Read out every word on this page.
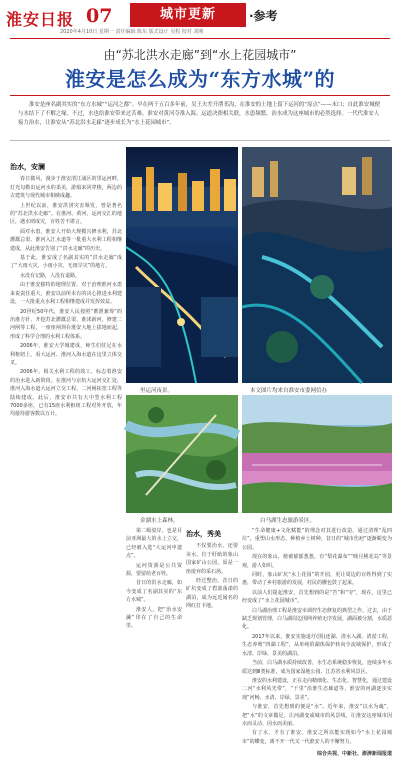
淮安日报 07	城市更新	·参考
2020年4月10日 星期一 责任编辑 陈东 版式设计 吴程 校对 刘刚
由“苏北洪水走廊”到“水上花园城市”
淮安是怎么成为“东方水城”的
淮安是座名副其实的“东方水城”“运河之都”。早在两千五百多年前，吴王夫差开凿邗沟，在淮安的土地上留下运河的“原点”——末口；自此淮安城便与水结下了不解之缘。不过，水也给淮安带来过苦难。淮安对黄河夺淮入海、运道决溃相关联，水患频繁，治水成为这座城市的必然选择。一代代淮安人接力治水，让淮安从“苏北洪水走廊”逐步成长为“水上花园城市”。
治水，安澜

春日微风，漫步于淮安清江浦区的里运河畔，灯光勾勒出运河水的柔美，游船来回穿梭，两边的古建筑与现代城市相映成趣。

上世纪以前，淮安洪涝灾害频发，曾是著名的“苏北洪水走廊”。在淮河、黄河、运河交汇的地区，遇水则成灾，百姓苦不堪言。

面对水患，淮安人开始大规模兴修水利，苏北灌溉总渠、淮河入江水道等一批重大水利工程相继建成，从此淮安告别了“洪水走廊”的历史。

基于此，淮安成了名副其实的“洪水走廊”成了“大雨大灾、小雨小灾、无雨旱灾”的地方。

水没有记路，人没有退路。

由于淮安独特的地理位置，对于治理淮河水患来说责任重大，淮安以前所未有的决心推进水利建设，一大批重点水利工程相继建成并发挥效益。

20世纪50年代，淮安人民按照“蓄泄兼筹”的治淮方针，开挖苏北灌溉总渠、淮沭新河，修建二河闸等工程，一座座闸坝在淮安大地上拔地而起，形成了科学合理的水利工程体系。

2006年，淮安大学城建成，师生们驻足在水利枢纽上，看大运河、淮河入海水道在这里立体交叉。

2006年，相关水利工程的竣工，标志着淮安的治水进入新阶段。在淮河与京杭大运河交汇处，淮河入海水道大运河立交工程、二河闸拓宽工程等陆续建成。此后，淮安市共有大中型水利工程7000多座，已有15座水利枢纽工程对外开放，年均接待游客数以万计。

里运河夜景。	本文图片均来自淮安市委网信办
金湖水上森林。	白马湖生态旅游景区。

第二级驳岸，也是目前亚洲最大的水上立交，已经被入选“大运河申遗点”。

运河资源是公共资源，要留给老百姓。

昔日的洪水走廊，如今变成了名副其实的“东方水城”。

淮安人，把“治水安澜”印在了自己的生命里。

治水，秀美

不仅要治水，还要美水。位于盱眙的象山国家矿山公园，原是一座废弃的采石场。

经过整治，昔日的矿坑变成了碧波荡漾的湖泊，成为远近闻名的网红打卡地。

“生命健康+文化赋能”的理念对其进行改造。通过清理“乱四垃”，重塑山水形态，种植乡土树种，昔日的“城市伤疤”逐渐蜕变为公园。

现在的象山，植被郁郁葱葱，有“梨花瀑布”“映月桃花岛”等景观，游人如织。

同时，象山矿坑“水上花园”的开园，更让周边的百姓得到了实惠，带动了乡村旅游的发展，村民的腰包鼓了起来。

以前人们提起淮安，首先想到的是“苦”和“穷”，现在，这里已经变成了“水上花园城市”。

白马湖治理工程是淮安市调控生态修复的典型之作。过去，由于缺乏规划管理，白马湖周边围网养殖无序发展，湖面被分割，水质恶化。

2017年以来，淮安实施退圩(围)还湖、清水入湖、清淤工程，生态养殖“四湖工程”，从单纯的湖体保护转向全流域保护，形成了水清、岸绿、景美的湖泊。

当前，白马湖水质持续改善，水生态系统稳步恢复，连续多年水质达到Ⅲ类标准，成为国家湿地公园、江苏省水利风景区。

淮安的水利建设，正在走向精细化、生态化、智慧化，通过建设二河“水利风光带”，“千里”沿淮生态廊道等，淮安的河湖逐步实现“河畅、水清、岸绿、景美”。

与淮安，首先想到的便是“水”。近年来，淮安“以水为魂”，把“水”的文章做足，让河湖变成城市的风景线，让淮安这座城市因水而灵动、因水而美丽。

有了水，才有了淮安。淮安之所以能实现如今“水上花园城市”的蝶变，离不开一代又一代淮安人的不懈努力。

综合央视、中新社、澎湃新闻报道
